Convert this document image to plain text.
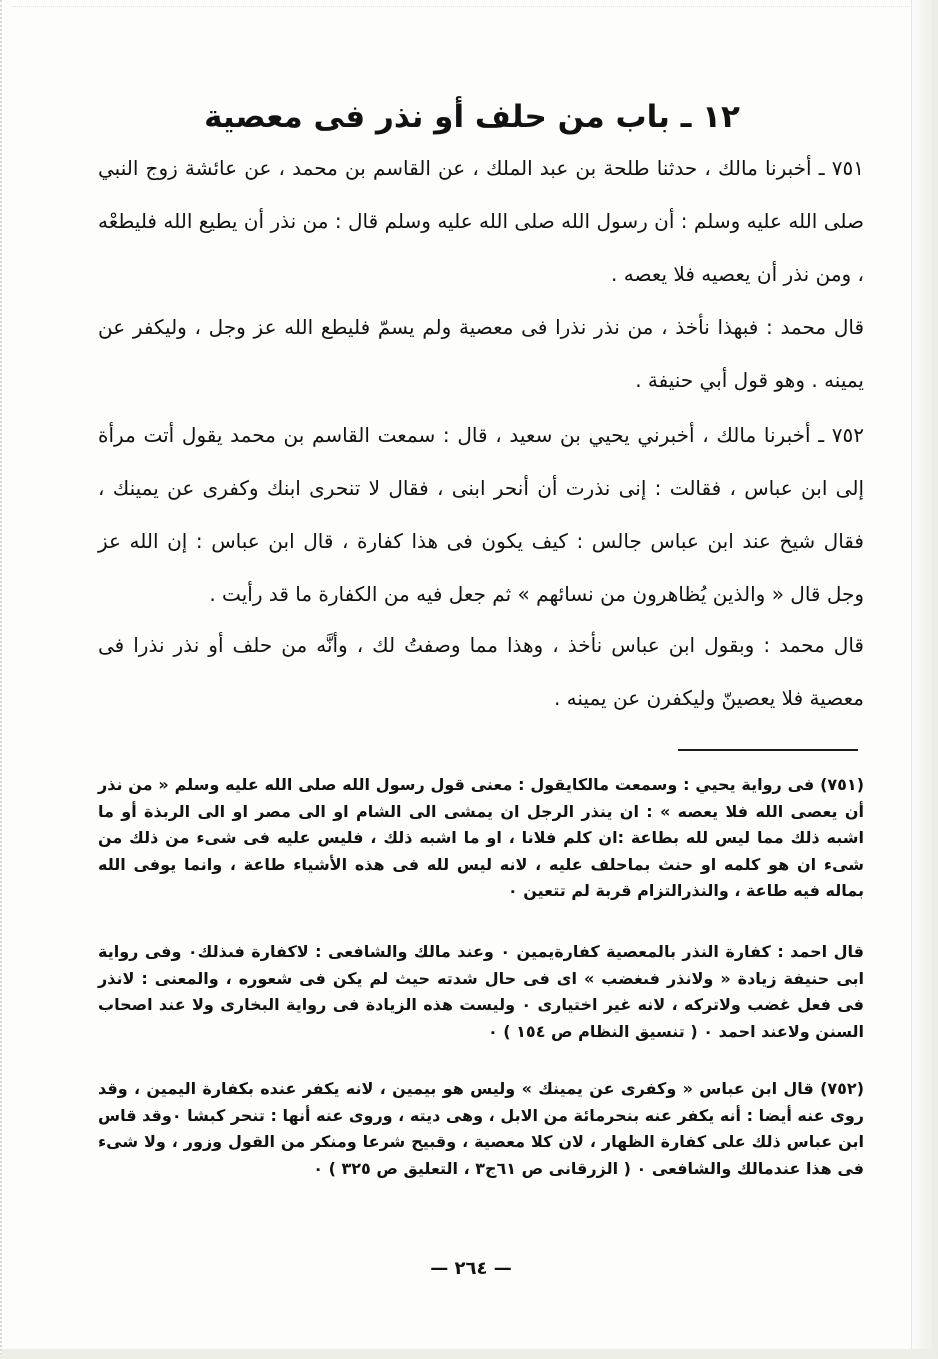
١٢ ـ باب من حلف أو نذر فى معصية

٧٥١ ـ أخبرنا مالك ، حدثنا طلحة بن عبد الملك ، عن القاسم بن محمد ، عن عائشة زوج النبي صلى الله عليه وسلم : أن رسول الله صلى الله عليه وسلم قال : من نذر أن يطيع الله فليطعْه ، ومن نذر أن يعصيه فلا يعصه .

قال محمد : فبهذا نأخذ ، من نذر نذرا فى معصية ولم يسمّ فليطع الله عز وجل ، وليكفر عن يمينه . وهو قول أبي حنيفة .

٧٥٢ ـ أخبرنا مالك ، أخبرني يحيي بن سعيد ، قال : سمعت القاسم بن محمد يقول أتت مرأة إلى ابن عباس ، فقالت : إنى نذرت أن أنحر ابنى ، فقال لا تنحرى ابنك وكفرى عن يمينك ، فقال شيخ عند ابن عباس جالس : كيف يكون فى هذا كفارة ، قال ابن عباس : إن الله عز وجل قال « والذين يُظاهرون من نسائهم » ثم جعل فيه من الكفارة ما قد رأيت .

قال محمد : وبقول ابن عباس نأخذ ، وهذا مما وصفتُ لك ، وأنَّه من حلف أو نذر نذرا فى معصية فلا يعصينّ وليكفرن عن يمينه .

(٧٥١) فى رواية يحيي : وسمعت مالكايقول : معنى قول رسول الله صلى الله عليه وسلم « من نذر أن يعصى الله فلا يعصه » : ان ينذر الرجل ان يمشى الى الشام او الى مصر او الى الربذة أو ما اشبه ذلك مما ليس لله بطاعة :ان كلم فلانا ، او ما اشبه ذلك ، فليس عليه فى شىء من ذلك من شىء ان هو كلمه او حنث بماحلف عليه ، لانه ليس لله فى هذه الأشياء طاعة ، وانما يوفى الله بماله فيه طاعة ، والنذرالتزام قربة لم تتعين ٠

قال احمد : كفارة النذر بالمعصية كفارةيمين ٠ وعند مالك والشافعى : لاكفارة فىذلك٠ وفى رواية ابى حنيفة زيادة « ولانذر فىغضب » اى فى حال شدته حيث لم يكن فى شعوره ، والمعنى : لانذر فى فعل غضب ولاتركه ، لانه غير اختيارى ٠ وليست هذه الزيادة فى رواية البخارى ولا عند اصحاب السنن ولاعند احمد ٠ ( تنسيق النظام ص ١٥٤ ) ٠

(٧٥٢) قال ابن عباس « وكفرى عن يمينك » وليس هو بيمين ، لانه يكفر عنده بكفارة اليمين ، وقد روى عنه أيضا : أنه يكفر عنه بنحرمائة من الابل ، وهى ديته ، وروى عنه أنها : تنحر كبشا ٠وقد قاس ابن عباس ذلك على كفارة الظهار ، لان كلا معصية ، وقبيح شرعا ومنكر من القول وزور ، ولا شىء فى هذا عندمالك والشافعى ٠ ( الزرقانى ص ٦١ج٣ ، التعليق ص ٣٢٥ ) ٠

— ٢٦٤ —
